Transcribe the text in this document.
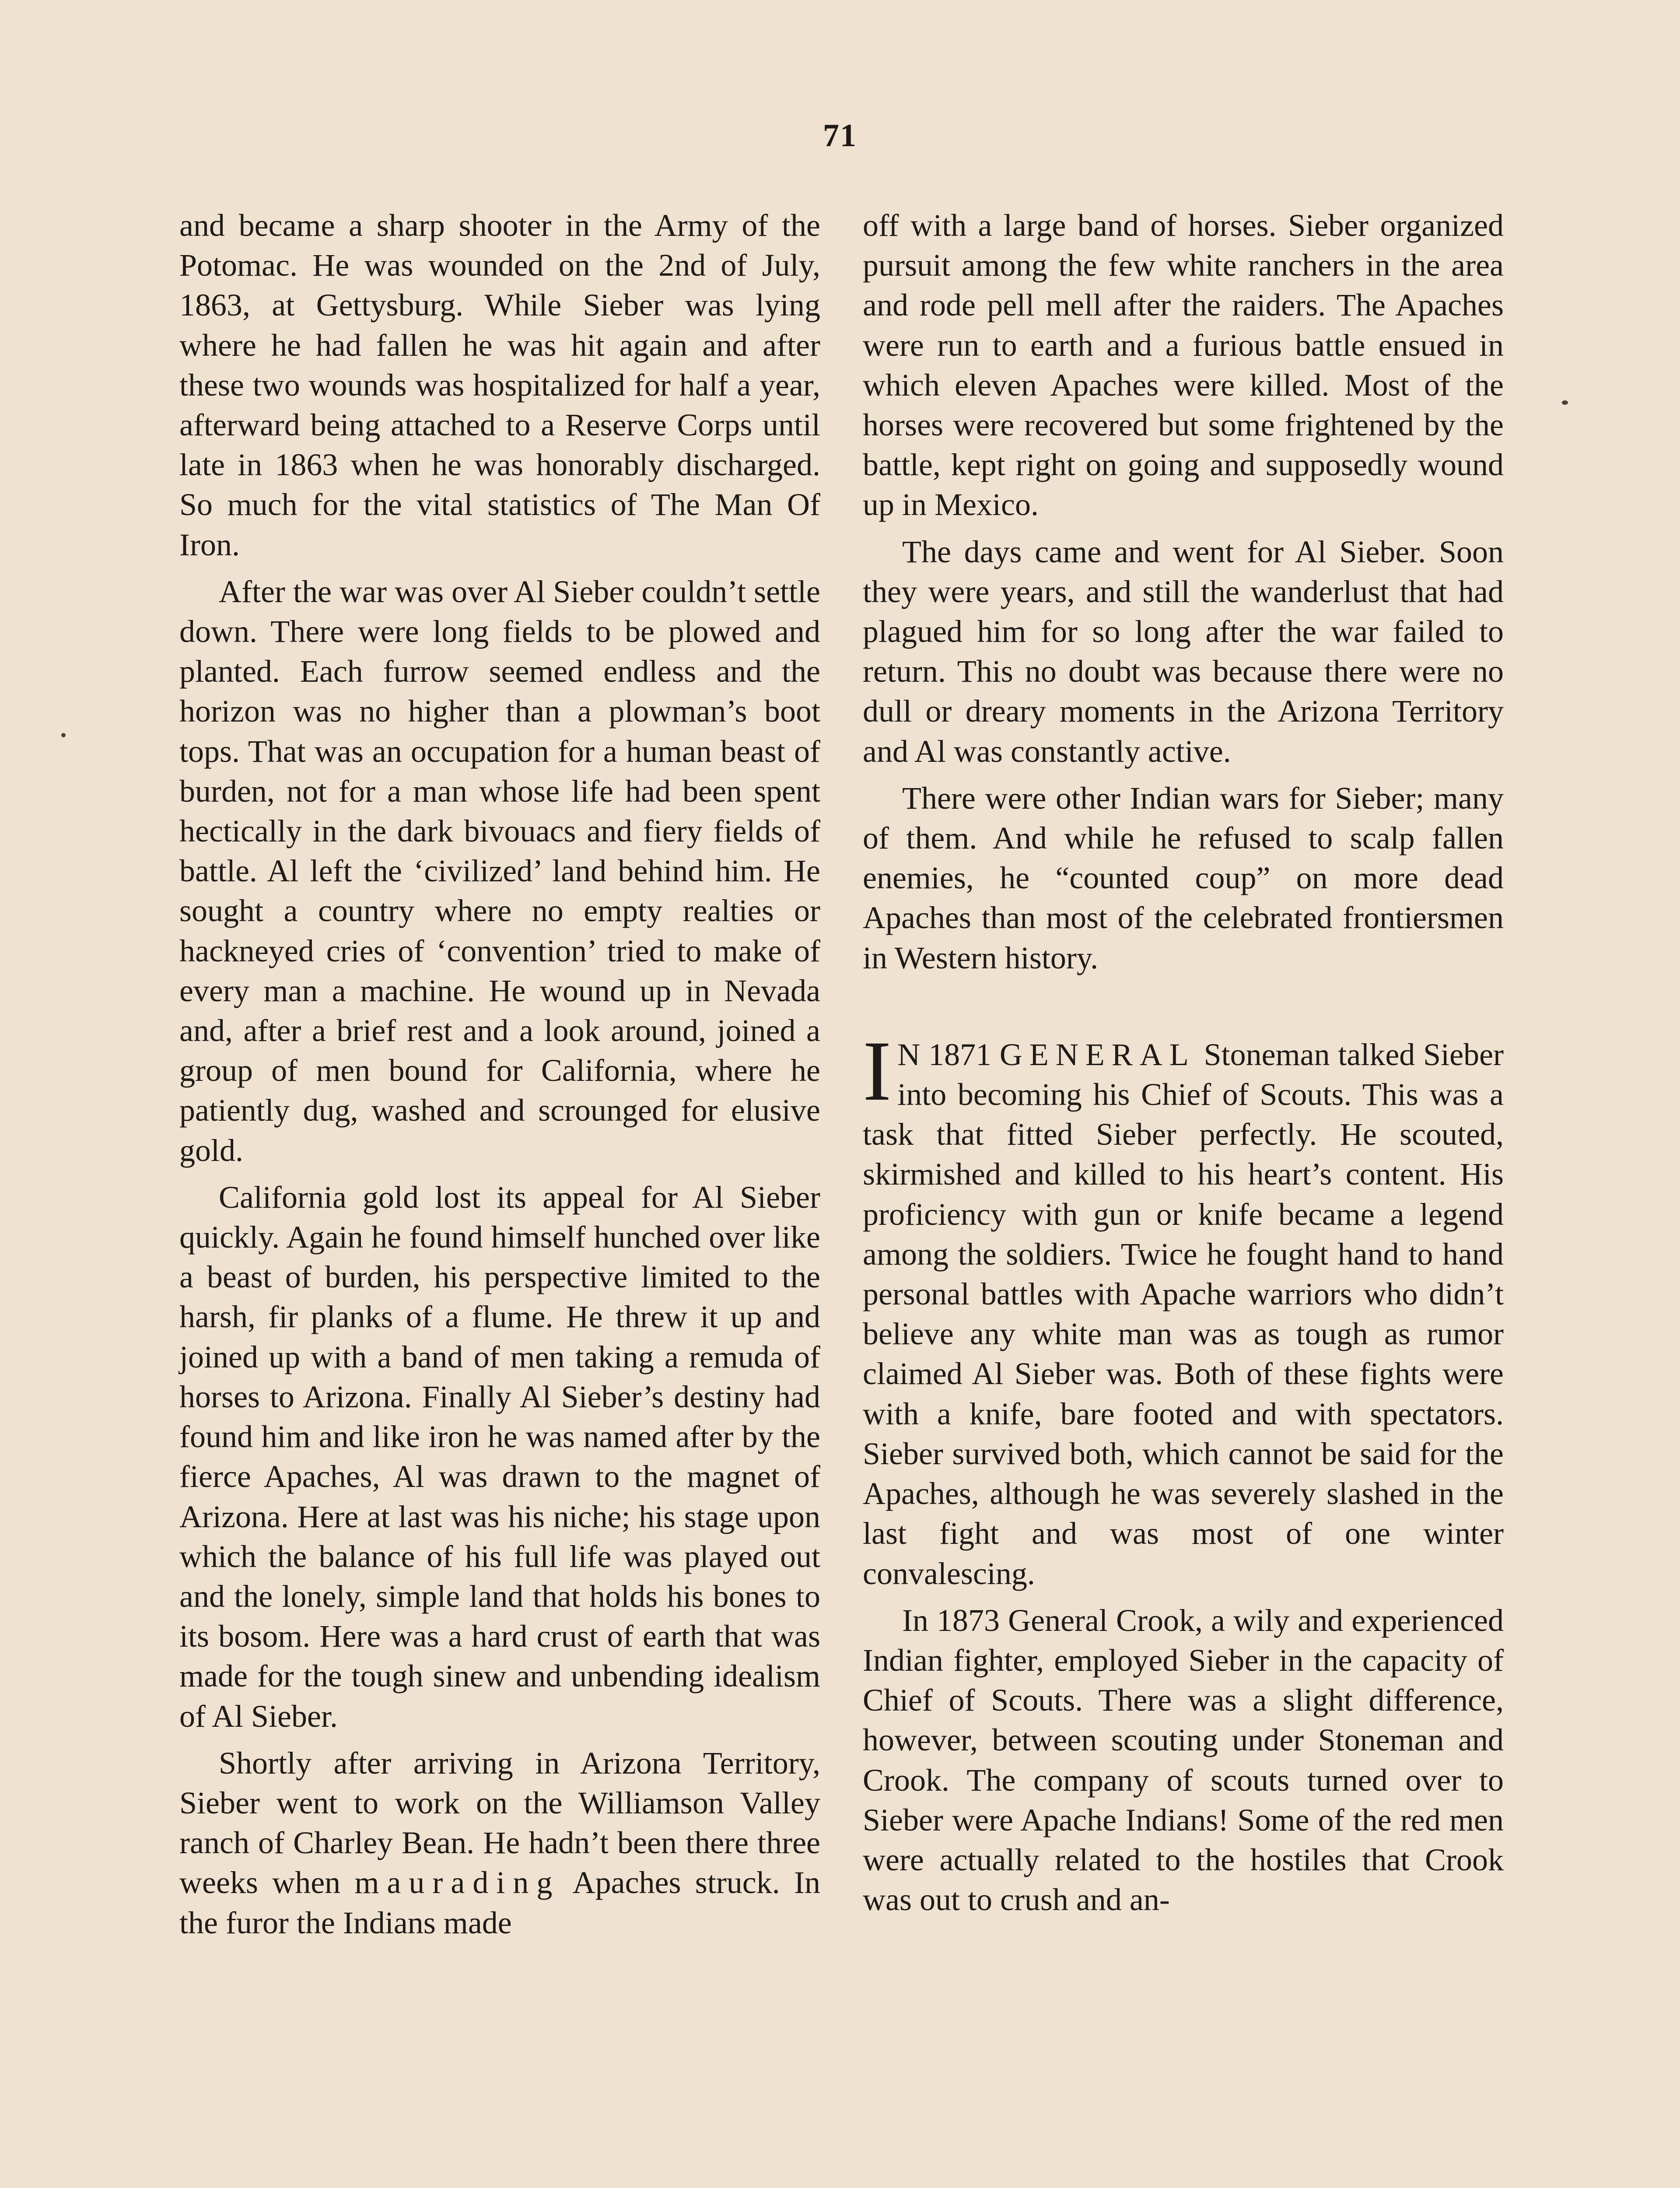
71

and became a sharp shooter in the Army of the Potomac. He was wounded on the 2nd of July, 1863, at Gettysburg. While Sieber was lying where he had fallen he was hit again and after these two wounds was hospitalized for half a year, afterward being attached to a Reserve Corps until late in 1863 when he was honorably discharged. So much for the vital statistics of The Man Of Iron.

After the war was over Al Sieber couldn’t settle down. There were long fields to be plowed and planted. Each furrow seemed endless and the horizon was no higher than a plowman’s boot tops. That was an occupation for a human beast of burden, not for a man whose life had been spent hectically in the dark bivouacs and fiery fields of battle. Al left the ‘civilized’ land behind him. He sought a country where no empty realties or hackneyed cries of ‘convention’ tried to make of every man a machine. He wound up in Nevada and, after a brief rest and a look around, joined a group of men bound for California, where he patiently dug, washed and scrounged for elusive gold.

California gold lost its appeal for Al Sieber quickly. Again he found himself hunched over like a beast of burden, his perspective limited to the harsh, fir planks of a flume. He threw it up and joined up with a band of men taking a remuda of horses to Arizona. Finally Al Sieber’s destiny had found him and like iron he was named after by the fierce Apaches, Al was drawn to the magnet of Arizona. Here at last was his niche; his stage upon which the balance of his full life was played out and the lonely, simple land that holds his bones to its bosom. Here was a hard crust of earth that was made for the tough sinew and unbending idealism of Al Sieber.

Shortly after arriving in Arizona Territory, Sieber went to work on the Williamson Valley ranch of Charley Bean. He hadn’t been there three weeks when maurading Apaches struck. In the furor the Indians made

off with a large band of horses. Sieber organized pursuit among the few white ranchers in the area and rode pell mell after the raiders. The Apaches were run to earth and a furious battle ensued in which eleven Apaches were killed. Most of the horses were recovered but some frightened by the battle, kept right on going and supposedly wound up in Mexico.

The days came and went for Al Sieber. Soon they were years, and still the wanderlust that had plagued him for so long after the war failed to return. This no doubt was because there were no dull or dreary moments in the Arizona Territory and Al was constantly active.

There were other Indian wars for Sieber; many of them. And while he refused to scalp fallen enemies, he “counted coup” on more dead Apaches than most of the celebrated frontiersmen in Western history.

I N 1871 GENERAL Stoneman talked Sieber into becoming his Chief of Scouts. This was a task that fitted Sieber perfectly. He scouted, skirmished and killed to his heart’s content. His proficiency with gun or knife became a legend among the soldiers. Twice he fought hand to hand personal battles with Apache warriors who didn’t believe any white man was as tough as rumor claimed Al Sieber was. Both of these fights were with a knife, bare footed and with spectators. Sieber survived both, which cannot be said for the Apaches, although he was severely slashed in the last fight and was most of one winter convalescing.

In 1873 General Crook, a wily and experienced Indian fighter, employed Sieber in the capacity of Chief of Scouts. There was a slight difference, however, between scouting under Stoneman and Crook. The company of scouts turned over to Sieber were Apache Indians! Some of the red men were actually related to the hostiles that Crook was out to crush and an-
